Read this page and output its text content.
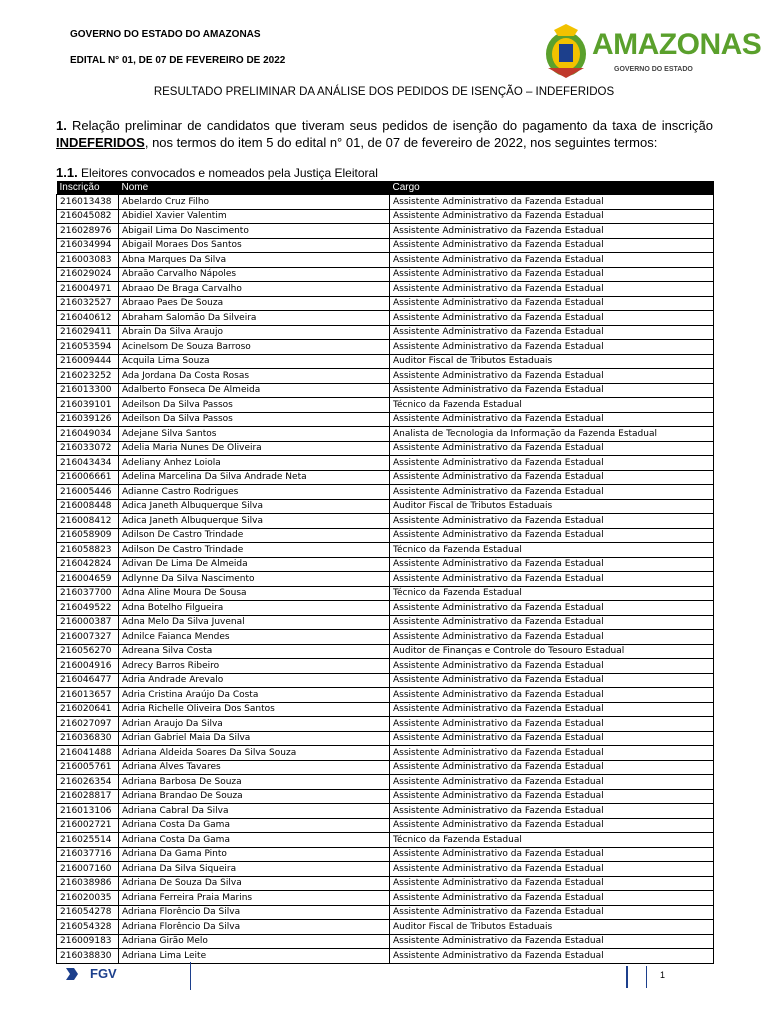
GOVERNO DO ESTADO DO AMAZONAS
EDITAL N° 01, DE 07 DE FEVEREIRO DE 2022	AMAZONAS
GOVERNO DO ESTADO
RESULTADO PRELIMINAR DA ANÁLISE DOS PEDIDOS DE ISENÇÃO – INDEFERIDOS
1. Relação preliminar de candidatos que tiveram seus pedidos de isenção do pagamento da taxa de inscrição INDEFERIDOS, nos termos do item 5 do edital n° 01, de 07 de fevereiro de 2022, nos seguintes termos:
1.1. Eleitores convocados e nomeados pela Justiça Eleitoral
Inscrição	Nome	Cargo
216013438	Abelardo Cruz Filho	Assistente Administrativo da Fazenda Estadual
216045082	Abidiel Xavier Valentim	Assistente Administrativo da Fazenda Estadual
216028976	Abigail Lima Do Nascimento	Assistente Administrativo da Fazenda Estadual
216034994	Abigail Moraes Dos Santos	Assistente Administrativo da Fazenda Estadual
216003083	Abna Marques Da Silva	Assistente Administrativo da Fazenda Estadual
216029024	Abraão Carvalho Nápoles	Assistente Administrativo da Fazenda Estadual
216004971	Abraao De Braga Carvalho	Assistente Administrativo da Fazenda Estadual
216032527	Abraao Paes De Souza	Assistente Administrativo da Fazenda Estadual
216040612	Abraham Salomão Da Silveira	Assistente Administrativo da Fazenda Estadual
216029411	Abrain Da Silva Araujo	Assistente Administrativo da Fazenda Estadual
216053594	Acinelsom De Souza Barroso	Assistente Administrativo da Fazenda Estadual
216009444	Acquila Lima Souza	Auditor Fiscal de Tributos Estaduais
216023252	Ada Jordana Da Costa Rosas	Assistente Administrativo da Fazenda Estadual
216013300	Adalberto Fonseca De Almeida	Assistente Administrativo da Fazenda Estadual
216039101	Adeilson Da Silva Passos	Técnico da Fazenda Estadual
216039126	Adeilson Da Silva Passos	Assistente Administrativo da Fazenda Estadual
216049034	Adejane Silva Santos	Analista de Tecnologia da Informação da Fazenda Estadual
216033072	Adelia Maria Nunes De Oliveira	Assistente Administrativo da Fazenda Estadual
216043434	Adeliany Anhez Loiola	Assistente Administrativo da Fazenda Estadual
216006661	Adelina Marcelina Da Silva Andrade Neta	Assistente Administrativo da Fazenda Estadual
216005446	Adianne Castro Rodrigues	Assistente Administrativo da Fazenda Estadual
216008448	Adica Janeth Albuquerque Silva	Auditor Fiscal de Tributos Estaduais
216008412	Adica Janeth Albuquerque Silva	Assistente Administrativo da Fazenda Estadual
216058909	Adilson De Castro Trindade	Assistente Administrativo da Fazenda Estadual
216058823	Adilson De Castro Trindade	Técnico da Fazenda Estadual
216042824	Adivan De Lima De Almeida	Assistente Administrativo da Fazenda Estadual
216004659	Adlynne Da Silva Nascimento	Assistente Administrativo da Fazenda Estadual
216037700	Adna Aline Moura De Sousa	Técnico da Fazenda Estadual
216049522	Adna Botelho Filgueira	Assistente Administrativo da Fazenda Estadual
216000387	Adna Melo Da Silva Juvenal	Assistente Administrativo da Fazenda Estadual
216007327	Adnilce Faianca Mendes	Assistente Administrativo da Fazenda Estadual
216056270	Adreana Silva Costa	Auditor de Finanças e Controle do Tesouro Estadual
216004916	Adrecy Barros Ribeiro	Assistente Administrativo da Fazenda Estadual
216046477	Adria Andrade Arevalo	Assistente Administrativo da Fazenda Estadual
216013657	Adria Cristina Araújo Da Costa	Assistente Administrativo da Fazenda Estadual
216020641	Adria Richelle Oliveira Dos Santos	Assistente Administrativo da Fazenda Estadual
216027097	Adrian Araujo Da Silva	Assistente Administrativo da Fazenda Estadual
216036830	Adrian Gabriel Maia Da Silva	Assistente Administrativo da Fazenda Estadual
216041488	Adriana Aldeida Soares Da Silva Souza	Assistente Administrativo da Fazenda Estadual
216005761	Adriana Alves Tavares	Assistente Administrativo da Fazenda Estadual
216026354	Adriana Barbosa De Souza	Assistente Administrativo da Fazenda Estadual
216028817	Adriana Brandao De Souza	Assistente Administrativo da Fazenda Estadual
216013106	Adriana Cabral Da Silva	Assistente Administrativo da Fazenda Estadual
216002721	Adriana Costa Da Gama	Assistente Administrativo da Fazenda Estadual
216025514	Adriana Costa Da Gama	Técnico da Fazenda Estadual
216037716	Adriana Da Gama Pinto	Assistente Administrativo da Fazenda Estadual
216007160	Adriana Da Silva Siqueira	Assistente Administrativo da Fazenda Estadual
216038986	Adriana De Souza Da Silva	Assistente Administrativo da Fazenda Estadual
216020035	Adriana Ferreira Praia Marins	Assistente Administrativo da Fazenda Estadual
216054278	Adriana Florêncio Da Silva	Assistente Administrativo da Fazenda Estadual
216054328	Adriana Florêncio Da Silva	Auditor Fiscal de Tributos Estaduais
216009183	Adriana Girão Melo	Assistente Administrativo da Fazenda Estadual
216038830	Adriana Lima Leite	Assistente Administrativo da Fazenda Estadual
FGV	1
